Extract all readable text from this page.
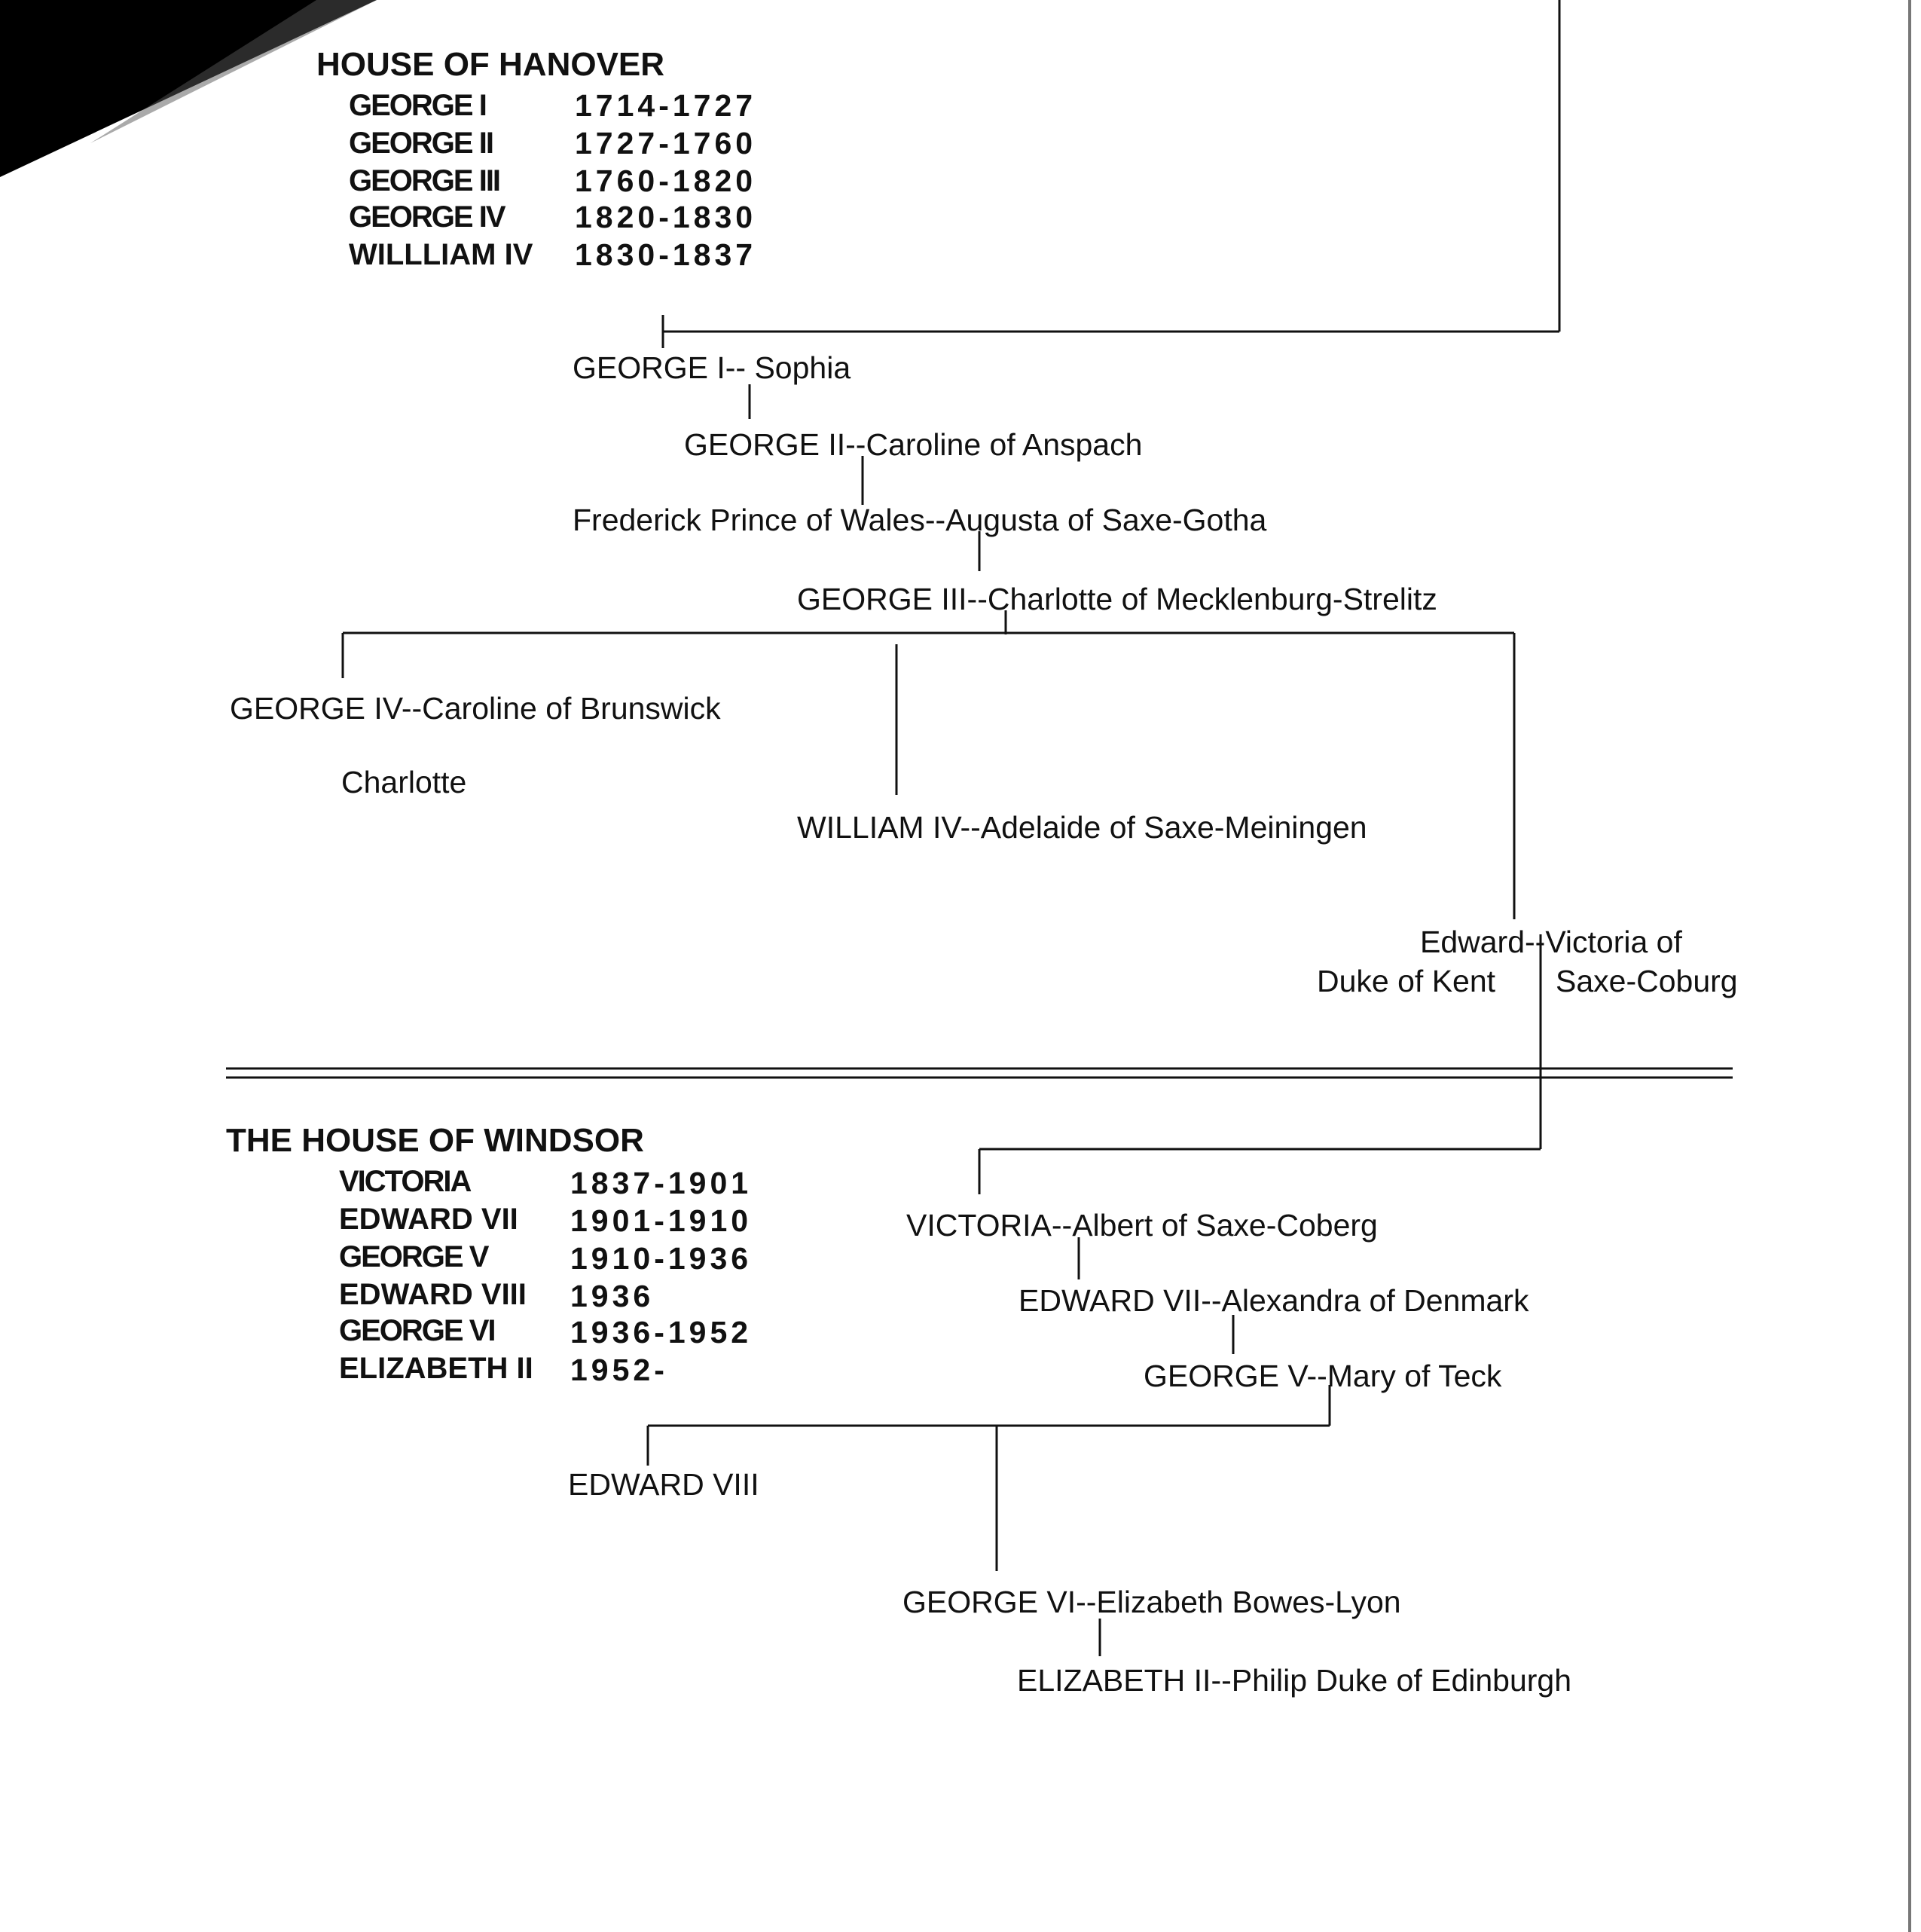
HOUSE OF HANOVER
GEORGE I	1714-1727
GEORGE II	1727-1760
GEORGE III 1760-1820
GEORGE IV 1820-1830
WILLLIAM IV 1830-1837
GEORGE I-- Sophia
GEORGE II--Caroline of Anspach
Frederick Prince of Wales--Augusta of Saxe-Gotha
GEORGE III--Charlotte of Mecklenburg-Strelitz
GEORGE IV--Caroline of Brunswick
Charlotte
WILLIAM IV--Adelaide of Saxe-Meiningen
Edward--Victoria of
Duke of Kent Saxe-Coburg
THE HOUSE OF WINDSOR
VICTORIA	1837-1901
EDWARD VII 1901-1910
GEORGE V	1910-1936
EDWARD VIII 1936
GEORGE VI 1936-1952
ELIZABETH II 1952-
VICTORIA--Albert of Saxe-Coberg
EDWARD VII--Alexandra of Denmark
GEORGE V--Mary of Teck
EDWARD VIII
GEORGE VI--Elizabeth Bowes-Lyon
ELIZABETH II--Philip Duke of Edinburgh
